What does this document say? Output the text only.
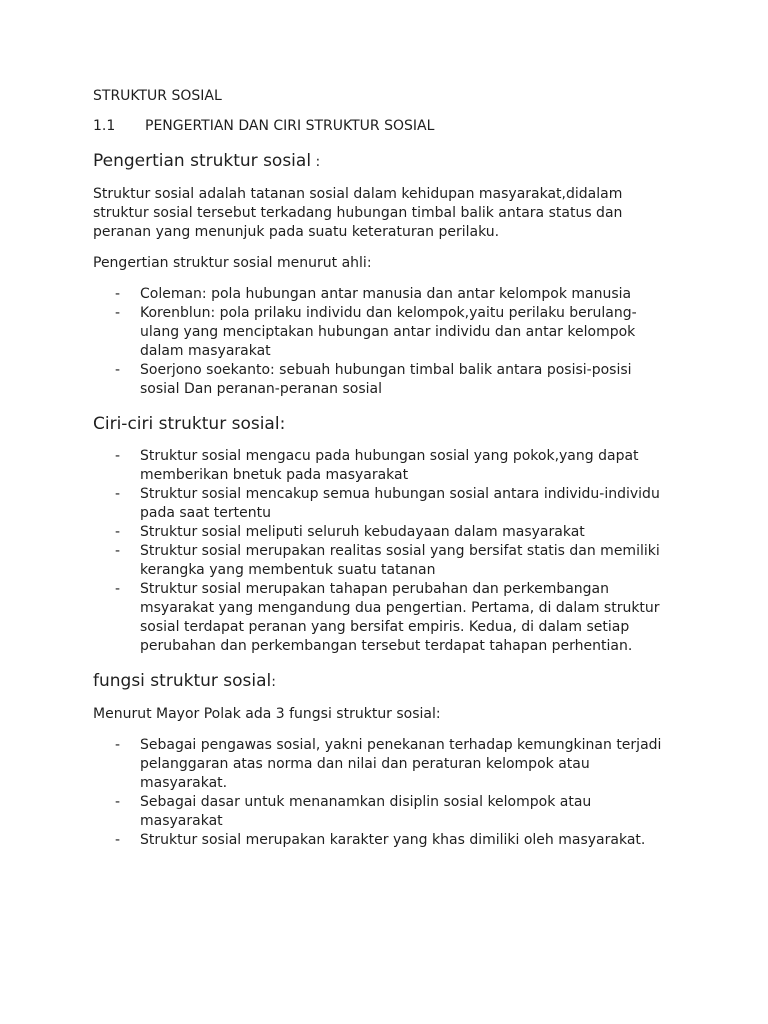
STRUKTUR SOSIAL
1.1 PENGERTIAN DAN CIRI STRUKTUR SOSIAL
Pengertian struktur sosial :

Struktur sosial adalah tatanan sosial dalam kehidupan masyarakat,didalam struktur sosial tersebut terkadang hubungan timbal balik antara status dan peranan yang menunjuk pada suatu keteraturan perilaku.

Pengertian struktur sosial menurut ahli:

- Coleman: pola hubungan antar manusia dan antar kelompok manusia
- Korenblun: pola prilaku individu dan kelompok,yaitu perilaku berulang-ulang yang menciptakan hubungan antar individu dan antar kelompok dalam masyarakat
- Soerjono soekanto: sebuah hubungan timbal balik antara posisi-posisi sosial Dan peranan-peranan sosial
Ciri-ciri struktur sosial:
- Struktur sosial mengacu pada hubungan sosial yang pokok,yang dapat memberikan bnetuk pada masyarakat
- Struktur sosial mencakup semua hubungan sosial antara individu-individu pada saat tertentu
- Struktur sosial meliputi seluruh kebudayaan dalam masyarakat
- Struktur sosial merupakan realitas sosial yang bersifat statis dan memiliki kerangka yang membentuk suatu tatanan
- Struktur sosial merupakan tahapan perubahan dan perkembangan msyarakat yang mengandung dua pengertian. Pertama, di dalam struktur sosial terdapat peranan yang bersifat empiris. Kedua, di dalam setiap perubahan dan perkembangan tersebut terdapat tahapan perhentian.
fungsi struktur sosial:

Menurut Mayor Polak ada 3 fungsi struktur sosial:

- Sebagai pengawas sosial, yakni penekanan terhadap kemungkinan terjadi pelanggaran atas norma dan nilai dan peraturan kelompok atau masyarakat.
- Sebagai dasar untuk menanamkan disiplin sosial kelompok atau masyarakat
- Struktur sosial merupakan karakter yang khas dimiliki oleh masyarakat.
